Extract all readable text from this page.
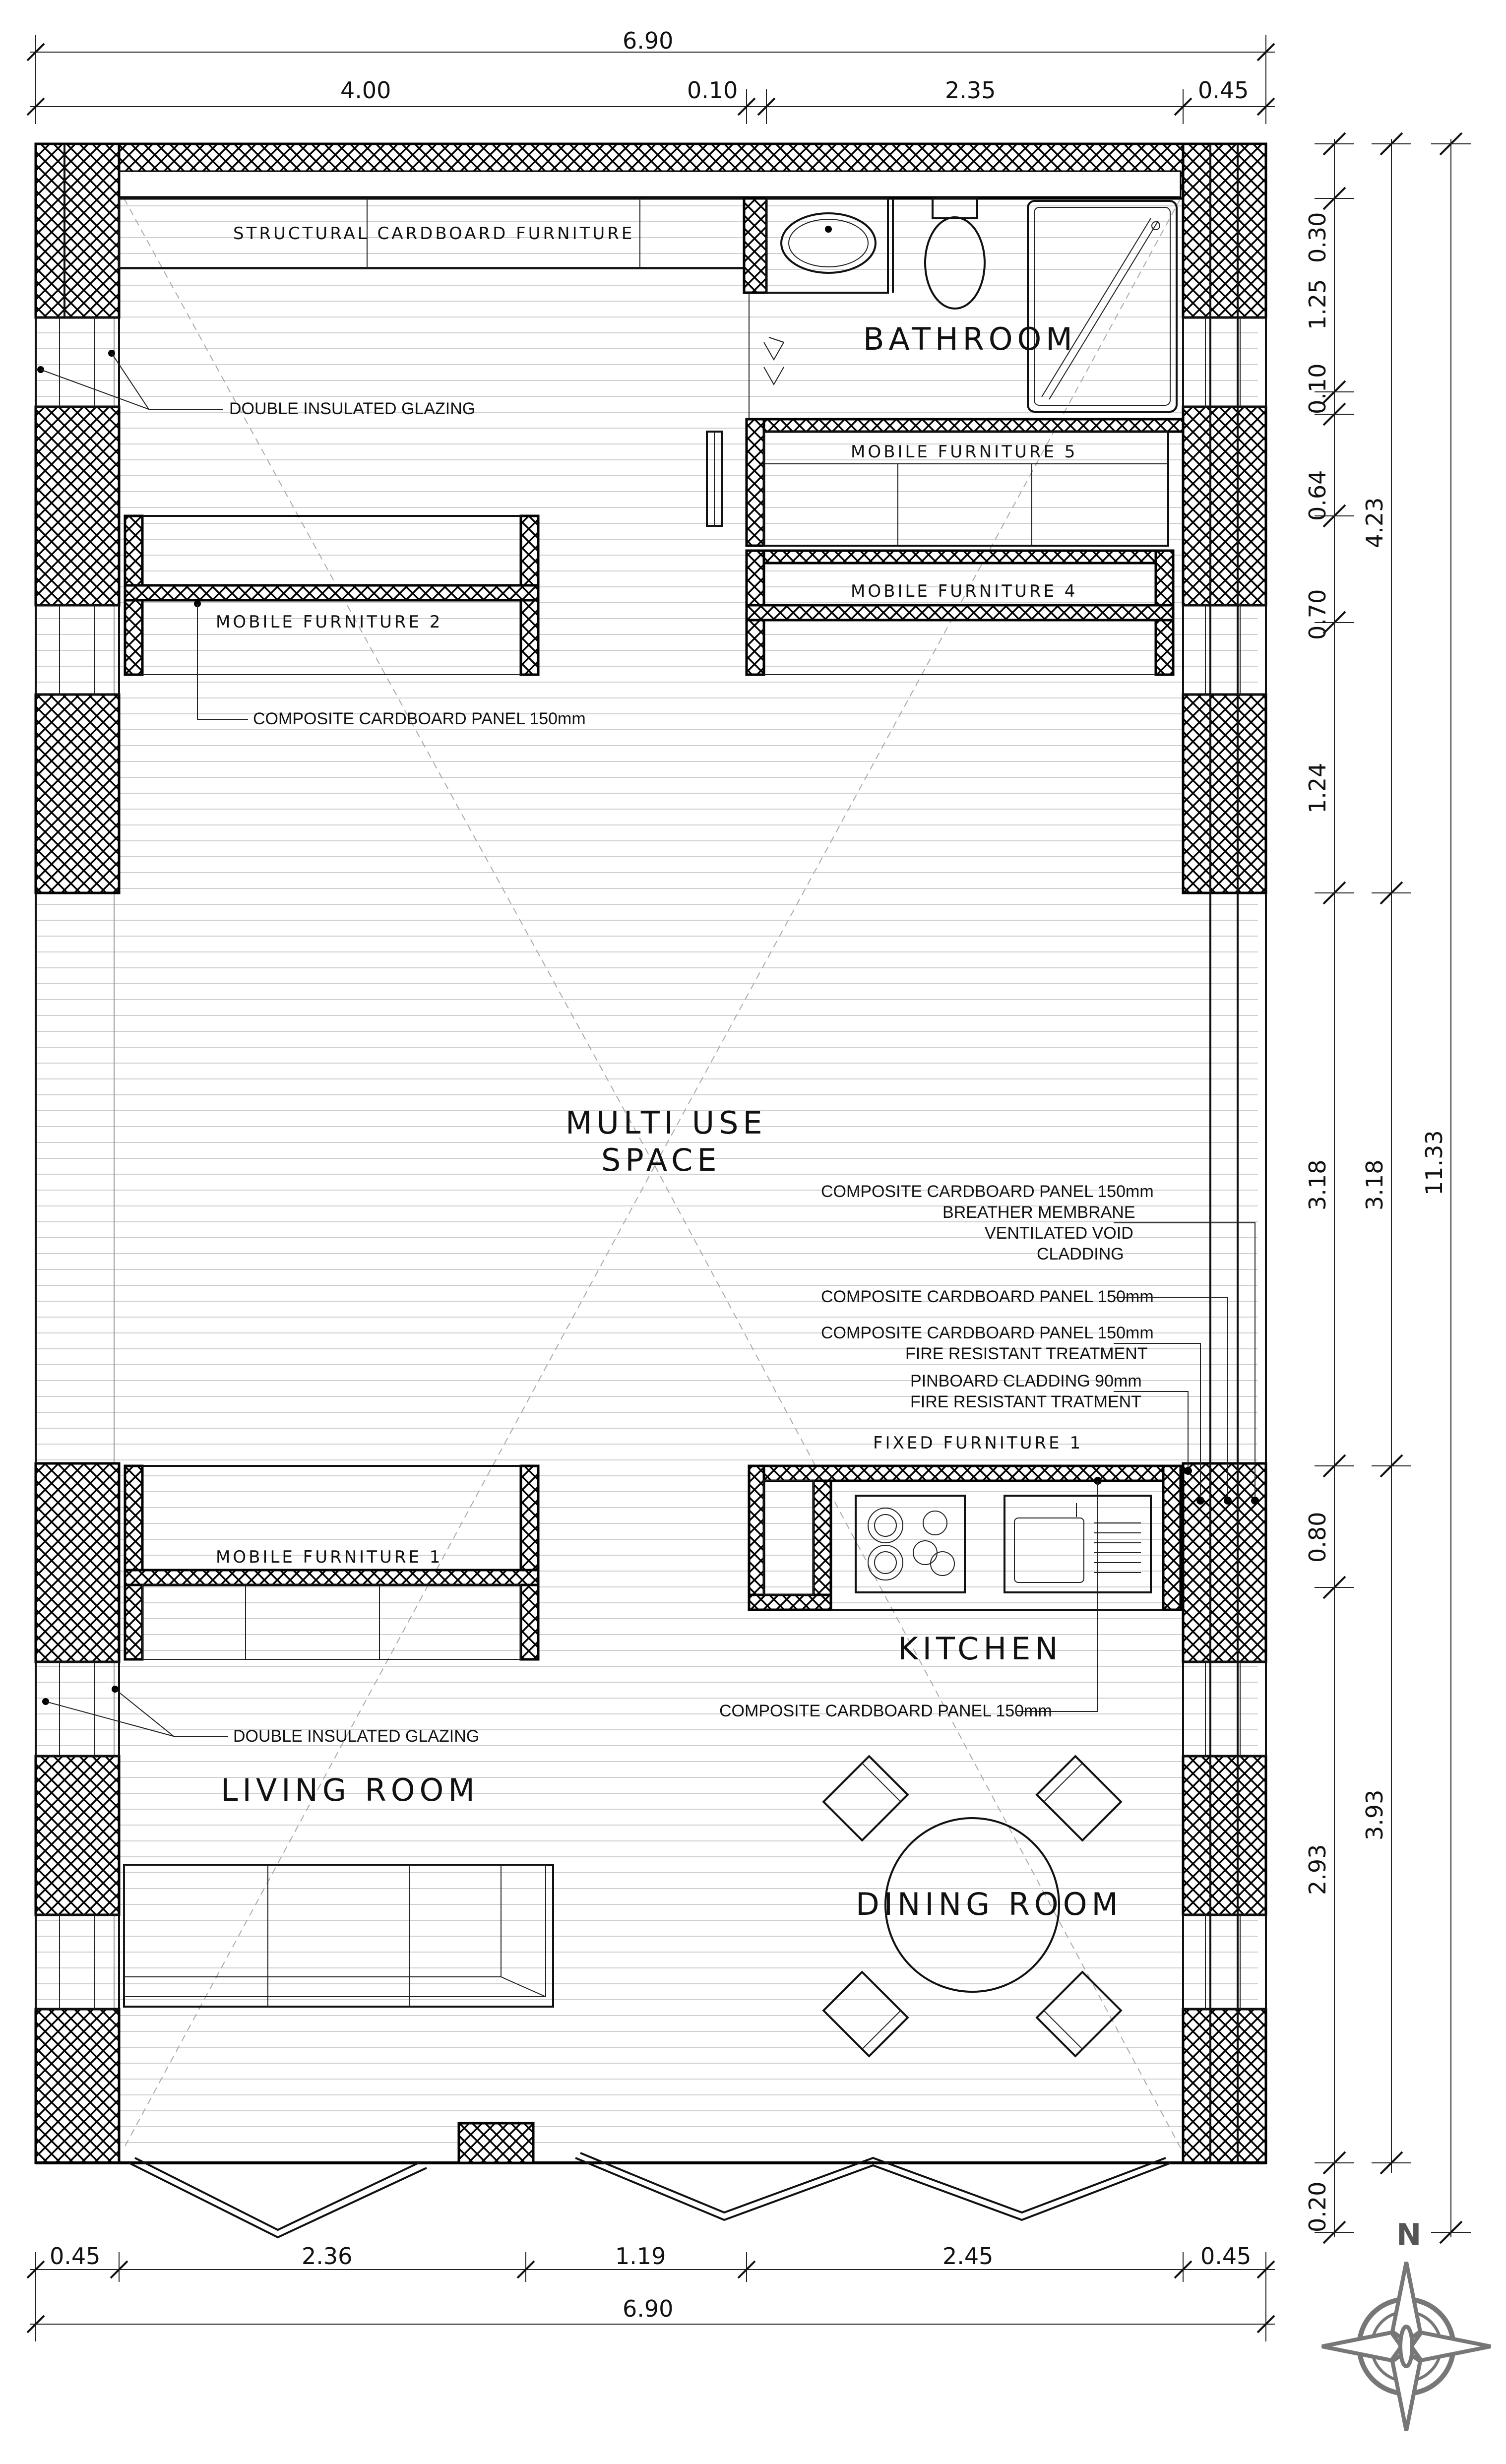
STRUCTURAL CARDBOARD FURNITURE
BATHROOM
MOBILE FURNITURE 5
MOBILE FURNITURE 4
MOBILE FURNITURE 2
MOBILE FURNITURE 1
FIXED FURNITURE 1
KITCHEN
MULTI USE
SPACE
LIVING ROOM
DINING ROOM
DOUBLE INSULATED GLAZING
COMPOSITE CARDBOARD PANEL 150mm
COMPOSITE CARDBOARD PANEL 150mm
BREATHER MEMBRANE
VENTILATED VOID
CLADDING
COMPOSITE CARDBOARD PANEL 150mm
COMPOSITE CARDBOARD PANEL 150mm
FIRE RESISTANT TREATMENT
PINBOARD CLADDING 90mm
FIRE RESISTANT TRATMENT
COMPOSITE CARDBOARD PANEL 150mm
DOUBLE INSULATED GLAZING
6.90
4.00	0.10	2.35	0.45
0.45	2.36	1.19	2.45	0.45
6.90
0.30
1.25
0.10
0.64
0.70
1.24
3.18
0.80
2.93
0.20
4.23
3.18
3.93
11.33
N
